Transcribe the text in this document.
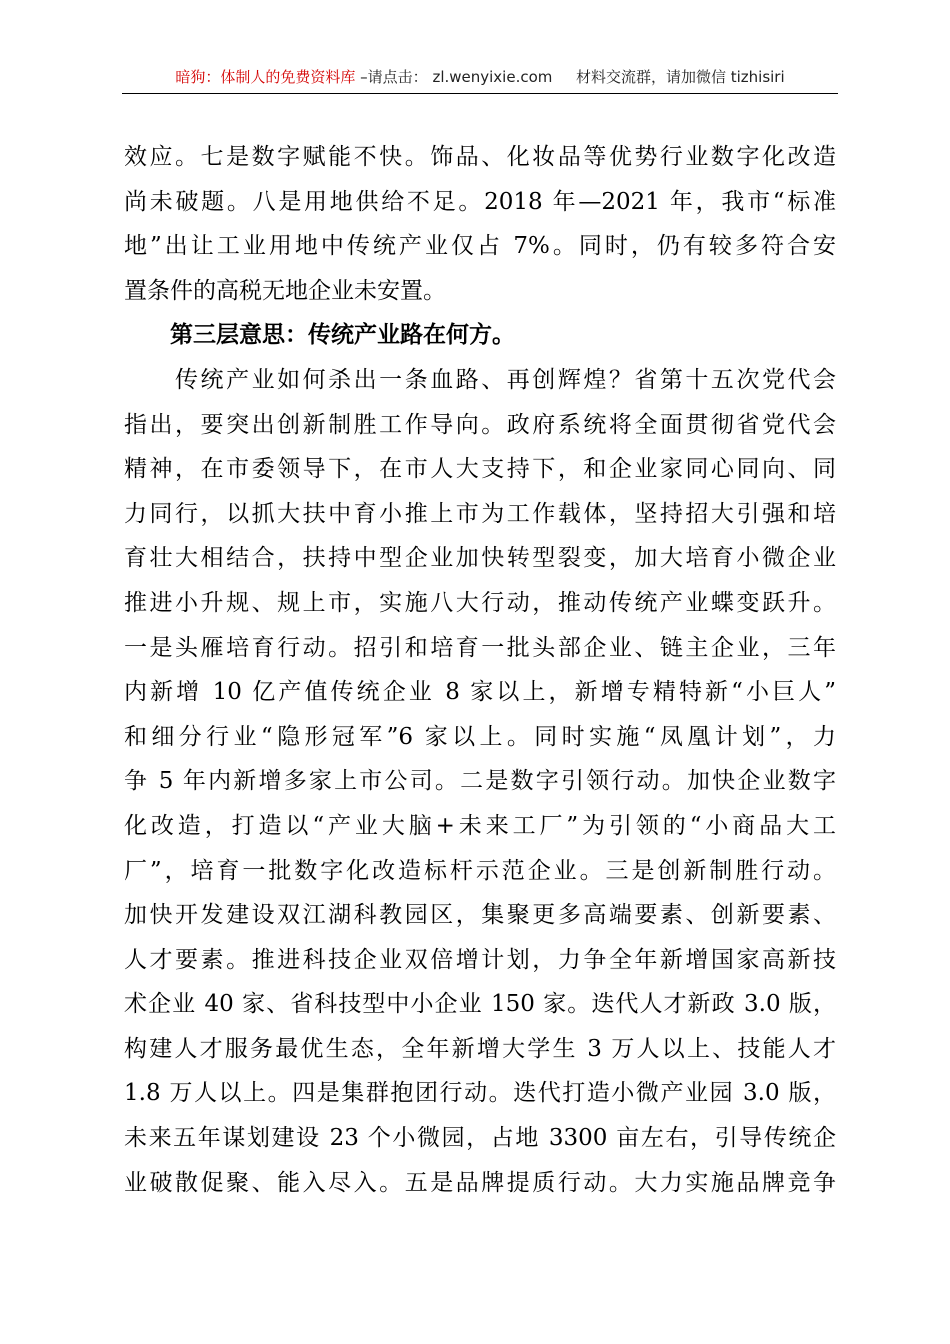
暗狗：体制人的免费资料库 –请点击： zl.wenyixie.com 材料交流群，请加微信 tizhisiri
效应。七是数字赋能不快。饰品、化妆品等优势行业数字化改造
尚未破题。八是用地供给不足。2018 年—2021 年，我市“标准
地”出让工业用地中传统产业仅占 7%。同时，仍有较多符合安
置条件的高税无地企业未安置。
　　第三层意思：传统产业路在何方。
　　传统产业如何杀出一条血路、再创辉煌？省第十五次党代会
指出，要突出创新制胜工作导向。政府系统将全面贯彻省党代会
精神，在市委领导下，在市人大支持下，和企业家同心同向、同
力同行，以抓大扶中育小推上市为工作载体，坚持招大引强和培
育壮大相结合，扶持中型企业加快转型裂变，加大培育小微企业
推进小升规、规上市，实施八大行动，推动传统产业蝶变跃升。
一是头雁培育行动。招引和培育一批头部企业、链主企业，三年
内新增 10 亿产值传统企业 8 家以上，新增专精特新“小巨人”
和细分行业“隐形冠军”6 家以上。同时实施“凤凰计划”，力
争 5 年内新增多家上市公司。二是数字引领行动。加快企业数字
化改造，打造以“产业大脑+未来工厂”为引领的“小商品大工
厂”，培育一批数字化改造标杆示范企业。三是创新制胜行动。
加快开发建设双江湖科教园区，集聚更多高端要素、创新要素、
人才要素。推进科技企业双倍增计划，力争全年新增国家高新技
术企业 40 家、省科技型中小企业 150 家。迭代人才新政 3.0 版，
构建人才服务最优生态，全年新增大学生 3 万人以上、技能人才
1.8 万人以上。四是集群抱团行动。迭代打造小微产业园 3.0 版，
未来五年谋划建设 23 个小微园，占地 3300 亩左右，引导传统企
业破散促聚、能入尽入。五是品牌提质行动。大力实施品牌竞争
